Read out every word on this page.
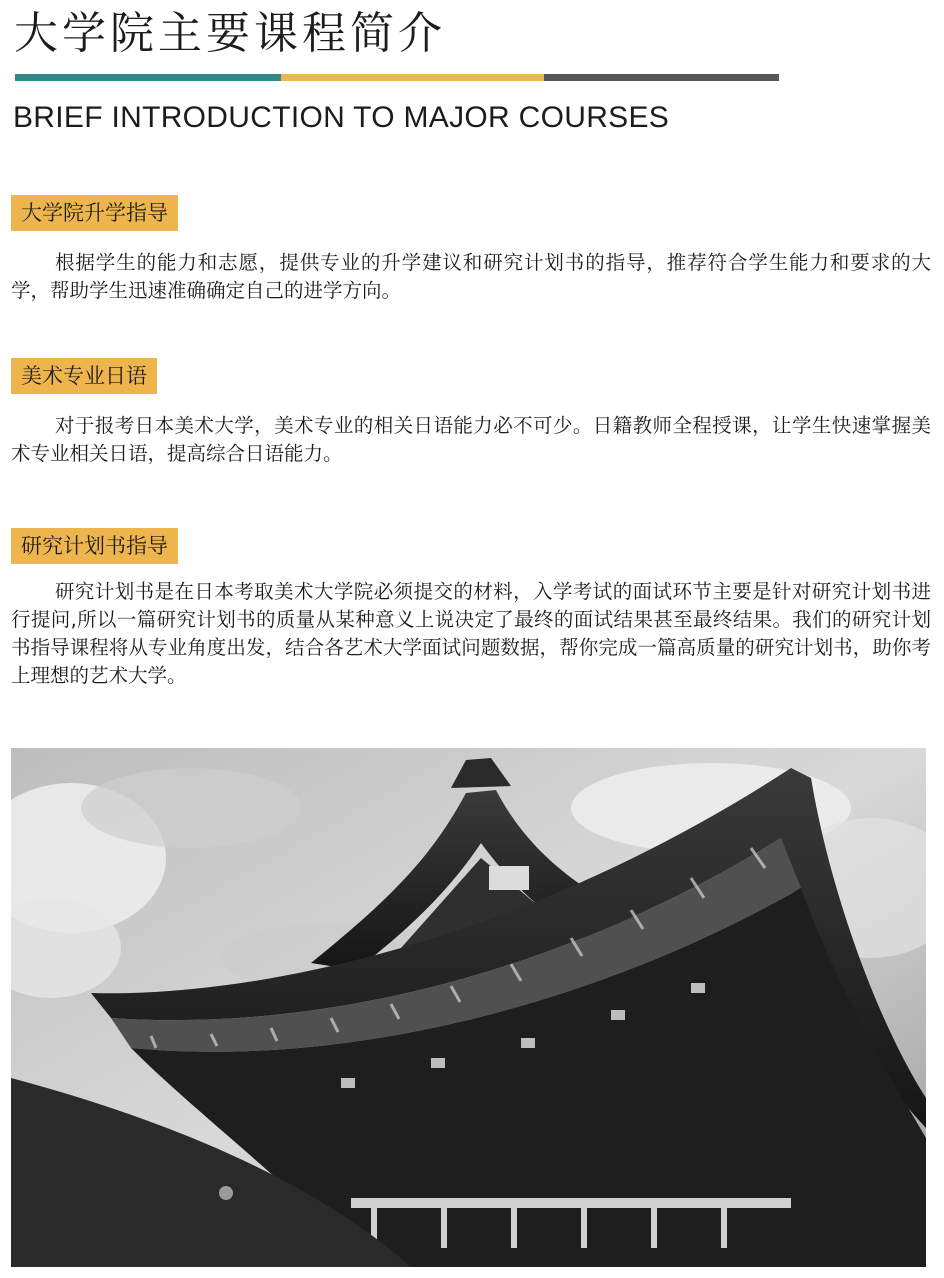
大学院主要课程简介
BRIEF INTRODUCTION TO MAJOR COURSES
大学院升学指导

根据学生的能力和志愿，提供专业的升学建议和研究计划书的指导，推荐符合学生能力和要求的大学，帮助学生迅速准确确定自己的进学方向。

美术专业日语

对于报考日本美术大学，美术专业的相关日语能力必不可少。日籍教师全程授课，让学生快速掌握美术专业相关日语，提高综合日语能力。

研究计划书指导

研究计划书是在日本考取美术大学院必须提交的材料，入学考试的面试环节主要是针对研究计划书进行提问,所以一篇研究计划书的质量从某种意义上说决定了最终的面试结果甚至最终结果。我们的研究计划书指导课程将从专业角度出发，结合各艺术大学面试问题数据，帮你完成一篇高质量的研究计划书，助你考上理想的艺术大学。
